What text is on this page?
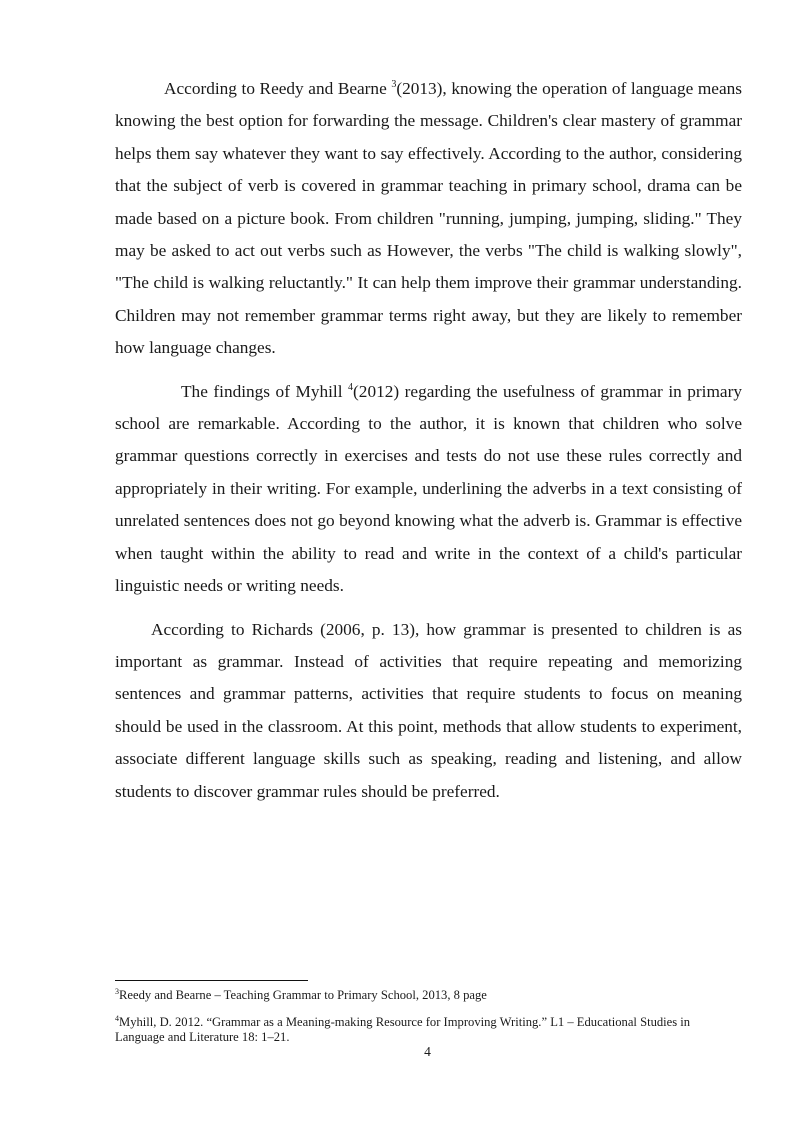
According to Reedy and Bearne $^3$(2013), knowing the operation of language means knowing the best option for forwarding the message. Children's clear mastery of grammar helps them say whatever they want to say effectively. According to the author, considering that the subject of verb is covered in grammar teaching in primary school, drama can be made based on a picture book. From children "running, jumping, jumping, sliding." They may be asked to act out verbs such as However, the verbs "The child is walking slowly", "The child is walking reluctantly." It can help them improve their grammar understanding. Children may not remember grammar terms right away, but they are likely to remember how language changes.

The findings of Myhill $^4$(2012) regarding the usefulness of grammar in primary school are remarkable. According to the author, it is known that children who solve grammar questions correctly in exercises and tests do not use these rules correctly and appropriately in their writing. For example, underlining the adverbs in a text consisting of unrelated sentences does not go beyond knowing what the adverb is. Grammar is effective when taught within the ability to read and write in the context of a child's particular linguistic needs or writing needs.

According to Richards (2006, p. 13), how grammar is presented to children is as important as grammar. Instead of activities that require repeating and memorizing sentences and grammar patterns, activities that require students to focus on meaning should be used in the classroom. At this point, methods that allow students to experiment, associate different language skills such as speaking, reading and listening, and allow students to discover grammar rules should be preferred.

$^3$Reedy and Bearne – Teaching Grammar to Primary School, 2013, 8 page

$^4$Myhill, D. 2012. “Grammar as a Meaning-making Resource for Improving Writing.” L1 – Educational Studies in Language and Literature 18: 1–21.

4
